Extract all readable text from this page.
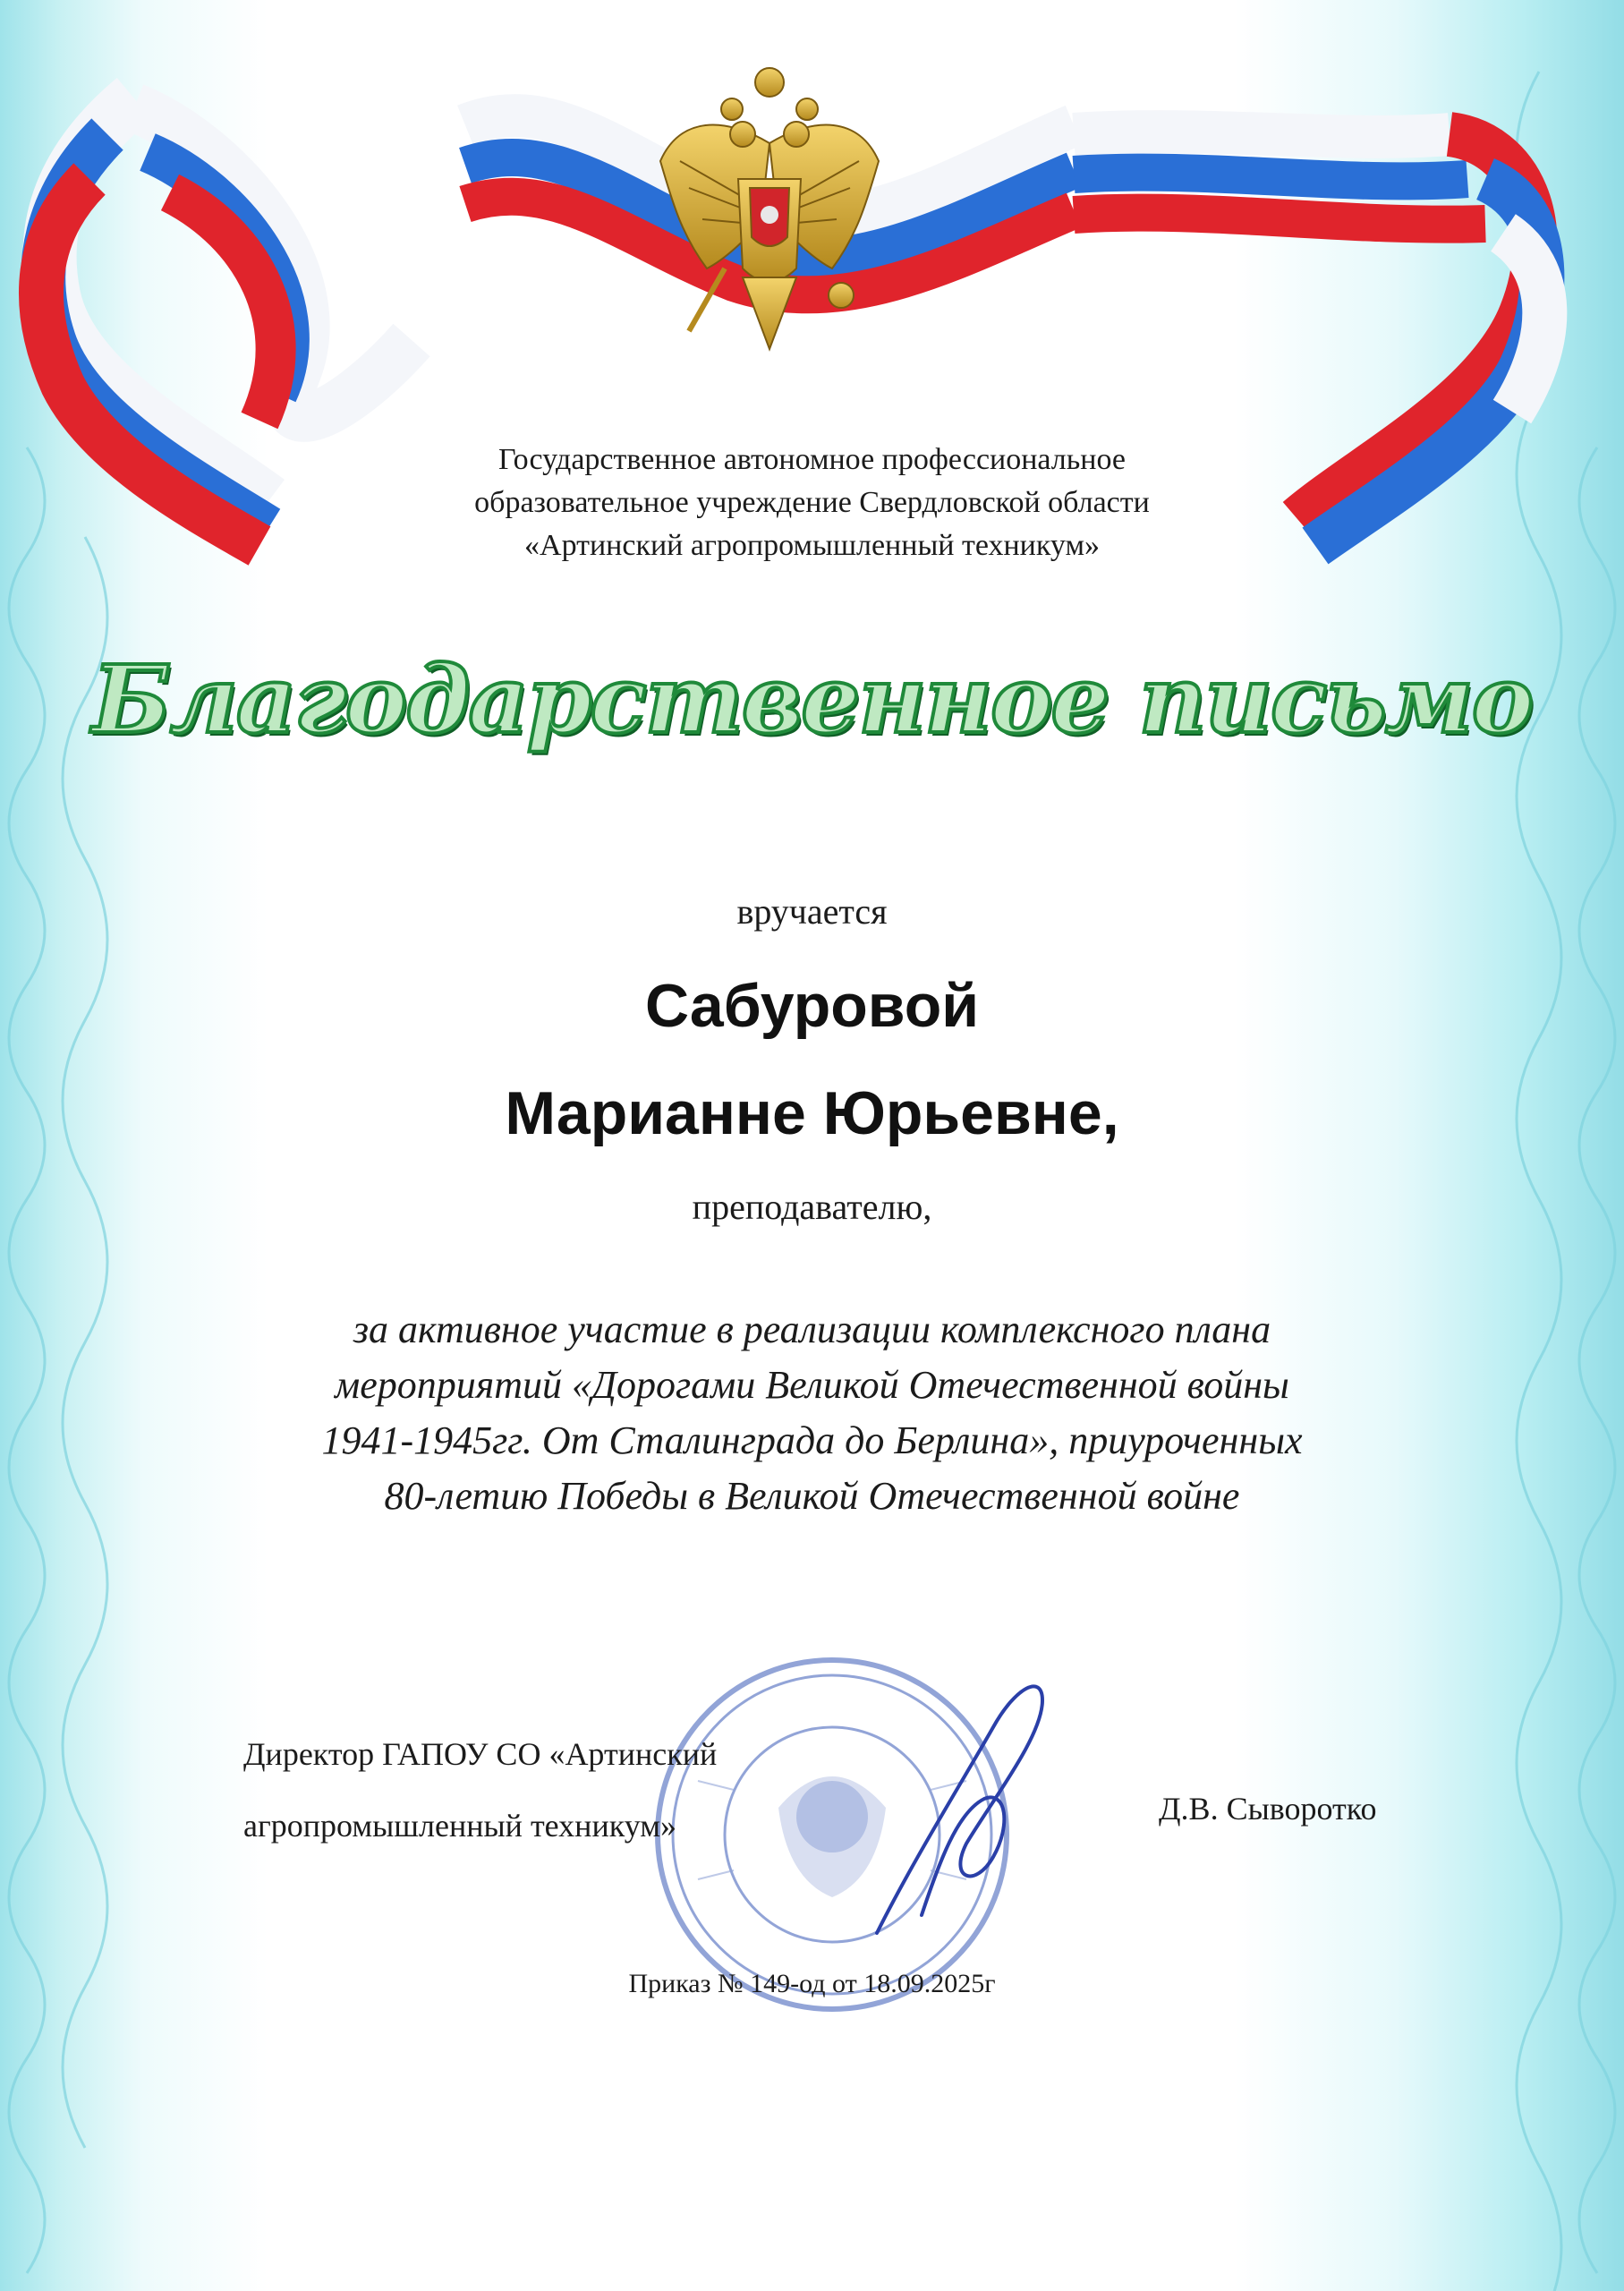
Государственное автономное профессиональное
образовательное учреждение Свердловской области
«Артинский агропромышленный техникум»
Благодарственное письмо
вручается
Сабуровой
Марианне Юрьевне,
преподавателю,
за активное участие в реализации комплексного плана
мероприятий «Дорогами Великой Отечественной войны
1941-1945гг. От Сталинграда до Берлина», приуроченных
80-летию Победы в Великой Отечественной войне
Директор ГАПОУ СО «Артинский
агропромышленный техникум»	Д.В. Сыворотко
Приказ № 149-од от 18.09.2025г
